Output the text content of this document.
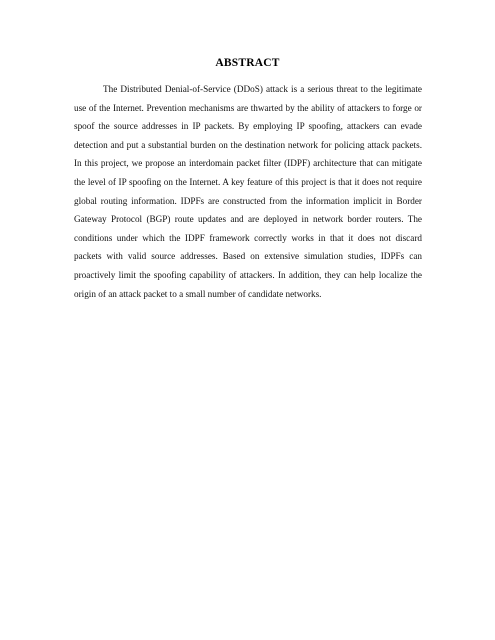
ABSTRACT

The Distributed Denial-of-Service (DDoS) attack is a serious threat to the legitimate use of the Internet. Prevention mechanisms are thwarted by the ability of attackers to forge or spoof the source addresses in IP packets. By employing IP spoofing, attackers can evade detection and put a substantial burden on the destination network for policing attack packets. In this project, we propose an interdomain packet filter (IDPF) architecture that can mitigate the level of IP spoofing on the Internet. A key feature of this project is that it does not require global routing information. IDPFs are constructed from the information implicit in Border Gateway Protocol (BGP) route updates and are deployed in network border routers. The conditions under which the IDPF framework correctly works in that it does not discard packets with valid source addresses. Based on extensive simulation studies, IDPFs can proactively limit the spoofing capability of attackers. In addition, they can help localize the origin of an attack packet to a small number of candidate networks.
